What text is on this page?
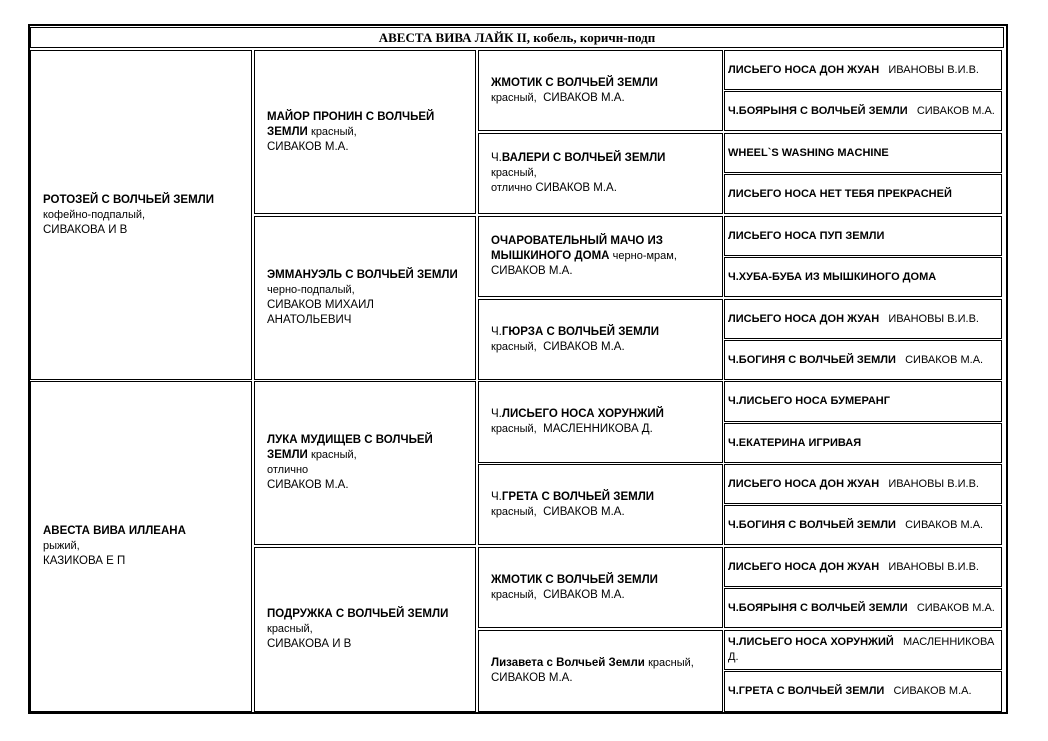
АВЕСТА ВИВА ЛАЙК II, кобель, коричн-подп
РОТОЗЕЙ С ВОЛЧЬЕЙ ЗЕМЛИ
кофейно-подпалый,
СИВАКОВА И В
АВЕСТА ВИВА ИЛЛЕАНА
рыжий,
КАЗИКОВА Е П
МАЙОР ПРОНИН С ВОЛЧЬЕЙ ЗЕМЛИ красный,
СИВАКОВ М.А.
ЭММАНУЭЛЬ С ВОЛЧЬЕЙ ЗЕМЛИ
черно-подпалый,
СИВАКОВ МИХАИЛ АНАТОЛЬЕВИЧ
ЛУКА МУДИЩЕВ С ВОЛЧЬЕЙ ЗЕМЛИ красный,
отлично
СИВАКОВ М.А.
ПОДРУЖКА С ВОЛЧЬЕЙ ЗЕМЛИ
красный,
СИВАКОВА И В
ЖМОТИК С ВОЛЧЬЕЙ ЗЕМЛИ
красный, СИВАКОВ М.А.
Ч.ВАЛЕРИ С ВОЛЧЬЕЙ ЗЕМЛИ
красный,
отлично СИВАКОВ М.А.
ОЧАРОВАТЕЛЬНЫЙ МАЧО ИЗ МЫШКИНОГО ДОМА черно-мрам,
СИВАКОВ М.А.
Ч.ГЮРЗА С ВОЛЧЬЕЙ ЗЕМЛИ
красный, СИВАКОВ М.А.
Ч.ЛИСЬЕГО НОСА ХОРУНЖИЙ
красный, МАСЛЕННИКОВА Д.
Ч.ГРЕТА С ВОЛЧЬЕЙ ЗЕМЛИ
красный, СИВАКОВ М.А.
ЖМОТИК С ВОЛЧЬЕЙ ЗЕМЛИ
красный, СИВАКОВ М.А.
Лизавета с Волчьей Земли красный,
СИВАКОВ М.А.
ЛИСЬЕГО НОСА ДОН ЖУАН ИВАНОВЫ В.И.В.
Ч.БОЯРЫНЯ С ВОЛЧЬЕЙ ЗЕМЛИ СИВАКОВ М.А.
WHEEL`S WASHING MACHINE
ЛИСЬЕГО НОСА НЕТ ТЕБЯ ПРЕКРАСНЕЙ
ЛИСЬЕГО НОСА ПУП ЗЕМЛИ
Ч.ХУБА-БУБА ИЗ МЫШКИНОГО ДОМА
ЛИСЬЕГО НОСА ДОН ЖУАН ИВАНОВЫ В.И.В.
Ч.БОГИНЯ С ВОЛЧЬЕЙ ЗЕМЛИ СИВАКОВ М.А.
Ч.ЛИСЬЕГО НОСА БУМЕРАНГ
Ч.ЕКАТЕРИНА ИГРИВАЯ
ЛИСЬЕГО НОСА ДОН ЖУАН ИВАНОВЫ В.И.В.
Ч.БОГИНЯ С ВОЛЧЬЕЙ ЗЕМЛИ СИВАКОВ М.А.
ЛИСЬЕГО НОСА ДОН ЖУАН ИВАНОВЫ В.И.В.
Ч.БОЯРЫНЯ С ВОЛЧЬЕЙ ЗЕМЛИ СИВАКОВ М.А.
Ч.ЛИСЬЕГО НОСА ХОРУНЖИЙ МАСЛЕННИКОВА Д.
Ч.ГРЕТА С ВОЛЧЬЕЙ ЗЕМЛИ СИВАКОВ М.А.
